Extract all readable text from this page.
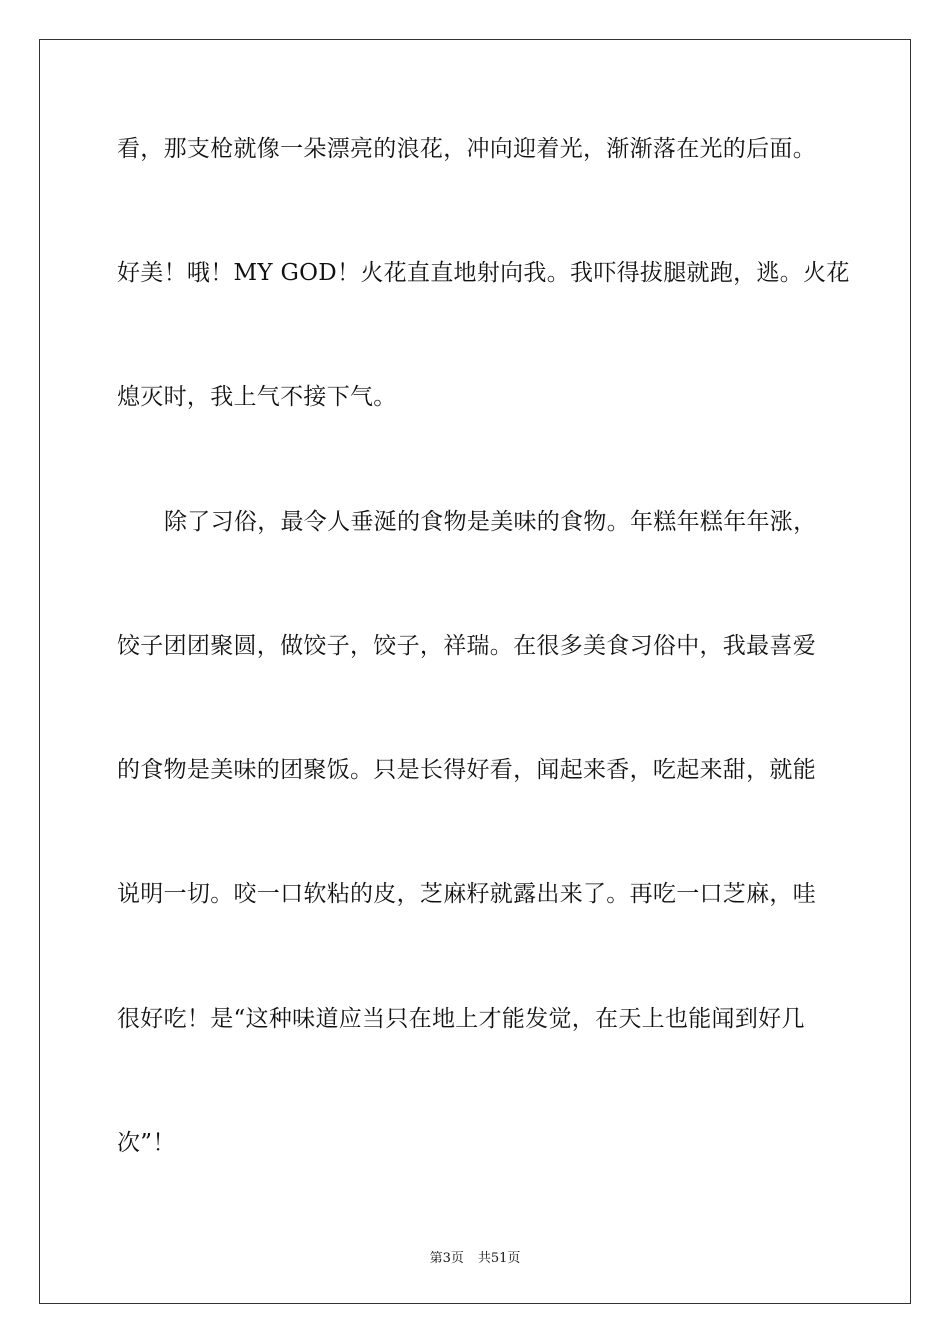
看，那支枪就像一朵漂亮的浪花，冲向迎着光，渐渐落在光的后面。
好美！哦！MY GOD！火花直直地射向我。我吓得拔腿就跑，逃。火花
熄灭时，我上气不接下气。
除了习俗，最令人垂涎的食物是美味的食物。年糕年糕年年涨，
饺子团团聚圆，做饺子，饺子，祥瑞。在很多美食习俗中，我最喜爱
的食物是美味的团聚饭。只是长得好看，闻起来香，吃起来甜，就能
说明一切。咬一口软粘的皮，芝麻籽就露出来了。再吃一口芝麻，哇
很好吃！是“这种味道应当只在地上才能发觉，在天上也能闻到好几
次”！
第3页 共51页
